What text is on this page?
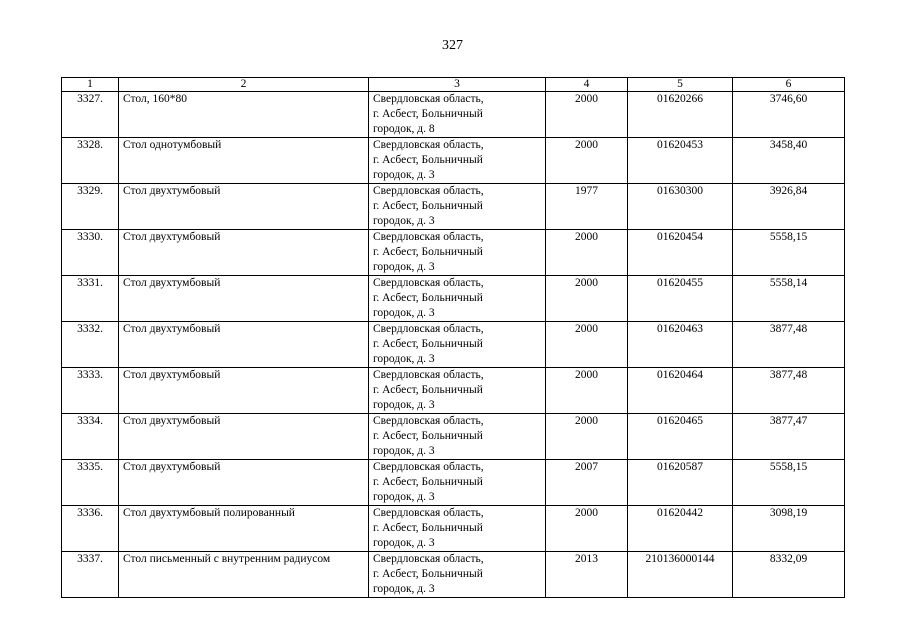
327
1	2	3	4	5	6
3327.	Стол, 160*80	Свердловская область,
г. Асбест, Больничный
городок, д. 8	2000	01620266	3746,60
3328.	Стол однотумбовый	Свердловская область,
г. Асбест, Больничный
городок, д. 3	2000	01620453	3458,40
3329.	Стол двухтумбовый	Свердловская область,
г. Асбест, Больничный
городок, д. 3	1977	01630300	3926,84
3330.	Стол двухтумбовый	Свердловская область,
г. Асбест, Больничный
городок, д. 3	2000	01620454	5558,15
3331.	Стол двухтумбовый	Свердловская область,
г. Асбест, Больничный
городок, д. 3	2000	01620455	5558,14
3332.	Стол двухтумбовый	Свердловская область,
г. Асбест, Больничный
городок, д. 3	2000	01620463	3877,48
3333.	Стол двухтумбовый	Свердловская область,
г. Асбест, Больничный
городок, д. 3	2000	01620464	3877,48
3334.	Стол двухтумбовый	Свердловская область,
г. Асбест, Больничный
городок, д. 3	2000	01620465	3877,47
3335.	Стол двухтумбовый	Свердловская область,
г. Асбест, Больничный
городок, д. 3	2007	01620587	5558,15
3336.	Стол двухтумбовый полированный	Свердловская область,
г. Асбест, Больничный
городок, д. 3	2000	01620442	3098,19
3337.	Стол письменный с внутренним радиусом	Свердловская область,
г. Асбест, Больничный
городок, д. 3	2013	210136000144	8332,09
